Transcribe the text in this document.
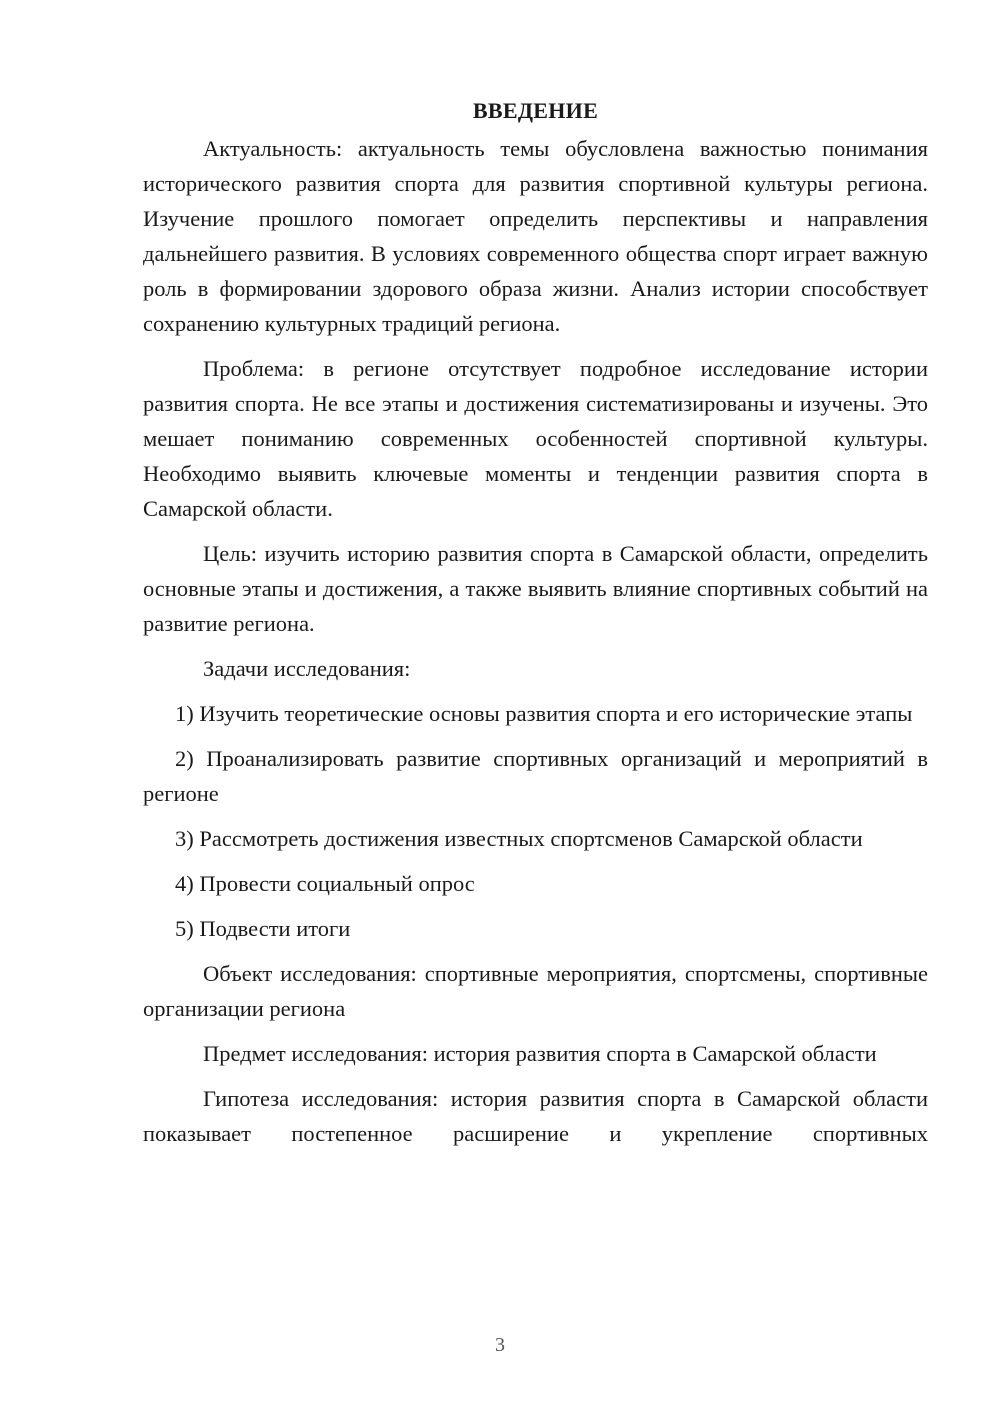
ВВЕДЕНИЕ

Актуальность: актуальность темы обусловлена важностью понимания исторического развития спорта для развития спортивной культуры региона. Изучение прошлого помогает определить перспективы и направления дальнейшего развития. В условиях современного общества спорт играет важную роль в формировании здорового образа жизни. Анализ истории способствует сохранению культурных традиций региона.

Проблема: в регионе отсутствует подробное исследование истории развития спорта. Не все этапы и достижения систематизированы и изучены. Это мешает пониманию современных особенностей спортивной культуры. Необходимо выявить ключевые моменты и тенденции развития спорта в Самарской области.

Цель: изучить историю развития спорта в Самарской области, определить основные этапы и достижения, а также выявить влияние спортивных событий на развитие региона.

Задачи исследования:

1) Изучить теоретические основы развития спорта и его исторические этапы

2) Проанализировать развитие спортивных организаций и мероприятий в регионе

3) Рассмотреть достижения известных спортсменов Самарской области

4) Провести социальный опрос

5) Подвести итоги

Объект исследования: спортивные мероприятия, спортсмены, спортивные организации региона

Предмет исследования: история развития спорта в Самарской области

Гипотеза исследования: история развития спорта в Самарской области показывает постепенное расширение и укрепление спортивных

3
